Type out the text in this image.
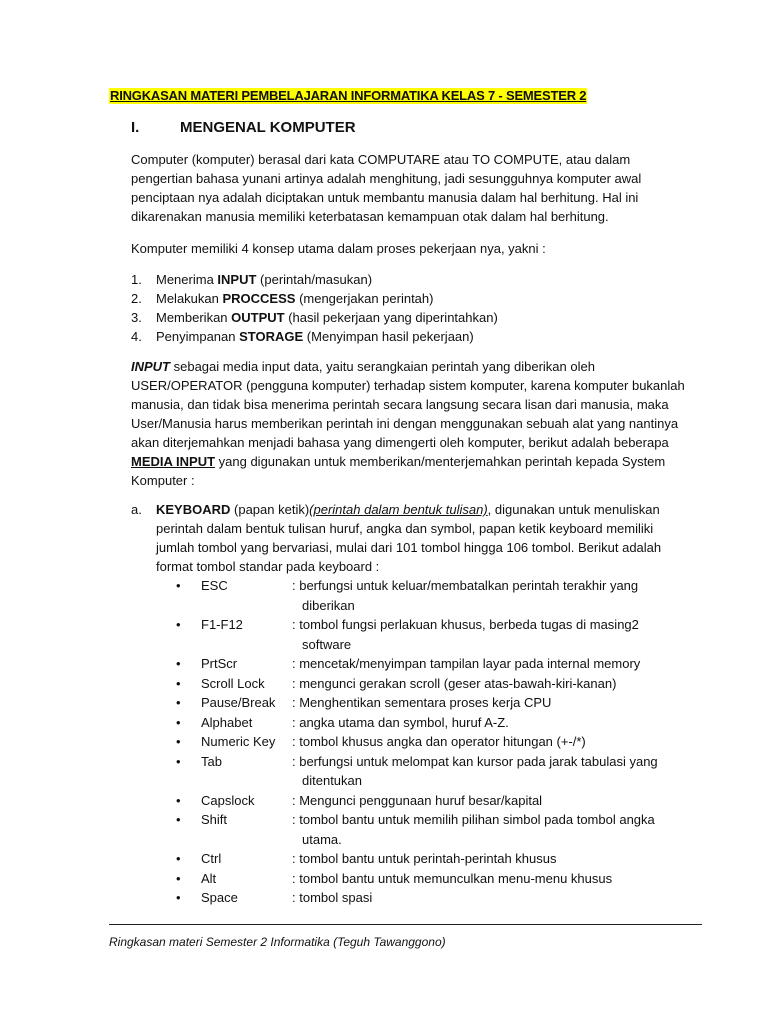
RINGKASAN MATERI PEMBELAJARAN INFORMATIKA KELAS 7 - SEMESTER 2
I.	MENGENAL KOMPUTER
Computer (komputer) berasal dari kata COMPUTARE atau TO COMPUTE, atau dalam pengertian bahasa yunani artinya adalah menghitung, jadi sesungguhnya komputer awal penciptaan nya adalah diciptakan untuk membantu manusia dalam hal berhitung. Hal ini dikarenakan manusia memiliki keterbatasan kemampuan otak dalam hal berhitung.
Komputer memiliki 4 konsep utama dalam proses pekerjaan nya, yakni :
1.	Menerima INPUT (perintah/masukan)
2.	Melakukan PROCCESS (mengerjakan perintah)
3.	Memberikan OUTPUT (hasil pekerjaan yang diperintahkan)
4.	Penyimpanan STORAGE (Menyimpan hasil pekerjaan)
INPUT sebagai media input data, yaitu serangkaian perintah yang diberikan oleh USER/OPERATOR (pengguna komputer) terhadap sistem komputer, karena komputer bukanlah manusia, dan tidak bisa menerima perintah secara langsung secara lisan dari manusia, maka User/Manusia harus memberikan perintah ini dengan menggunakan sebuah alat yang nantinya akan diterjemahkan menjadi bahasa yang dimengerti oleh komputer, berikut adalah beberapa MEDIA INPUT yang digunakan untuk memberikan/menterjemahkan perintah kepada System Komputer :
a.	KEYBOARD (papan ketik)(perintah dalam bentuk tulisan), digunakan untuk menuliskan perintah dalam bentuk tulisan huruf, angka dan symbol, papan ketik keyboard memiliki jumlah tombol yang bervariasi, mulai dari 101 tombol hingga 106 tombol. Berikut adalah format tombol standar pada keyboard :
•	ESC	: berfungsi untuk keluar/membatalkan perintah terakhir yang
diberikan
•	F1-F12	: tombol fungsi perlakuan khusus, berbeda tugas di masing2
software
•	PrtScr	: mencetak/menyimpan tampilan layar pada internal memory
•	Scroll Lock	: mengunci gerakan scroll (geser atas-bawah-kiri-kanan)
•	Pause/Break	: Menghentikan sementara proses kerja CPU
•	Alphabet	: angka utama dan symbol, huruf A-Z.
•	Numeric Key	: tombol khusus angka dan operator hitungan (+-/*)
•	Tab	: berfungsi untuk melompat kan kursor pada jarak tabulasi yang
ditentukan
•	Capslock	: Mengunci penggunaan huruf besar/kapital
•	Shift	: tombol bantu untuk memilih pilihan simbol pada tombol angka
utama.
•	Ctrl	: tombol bantu untuk perintah-perintah khusus
•	Alt	: tombol bantu untuk memunculkan menu-menu khusus
•	Space	: tombol spasi
Ringkasan materi Semester 2 Informatika (Teguh Tawanggono)
